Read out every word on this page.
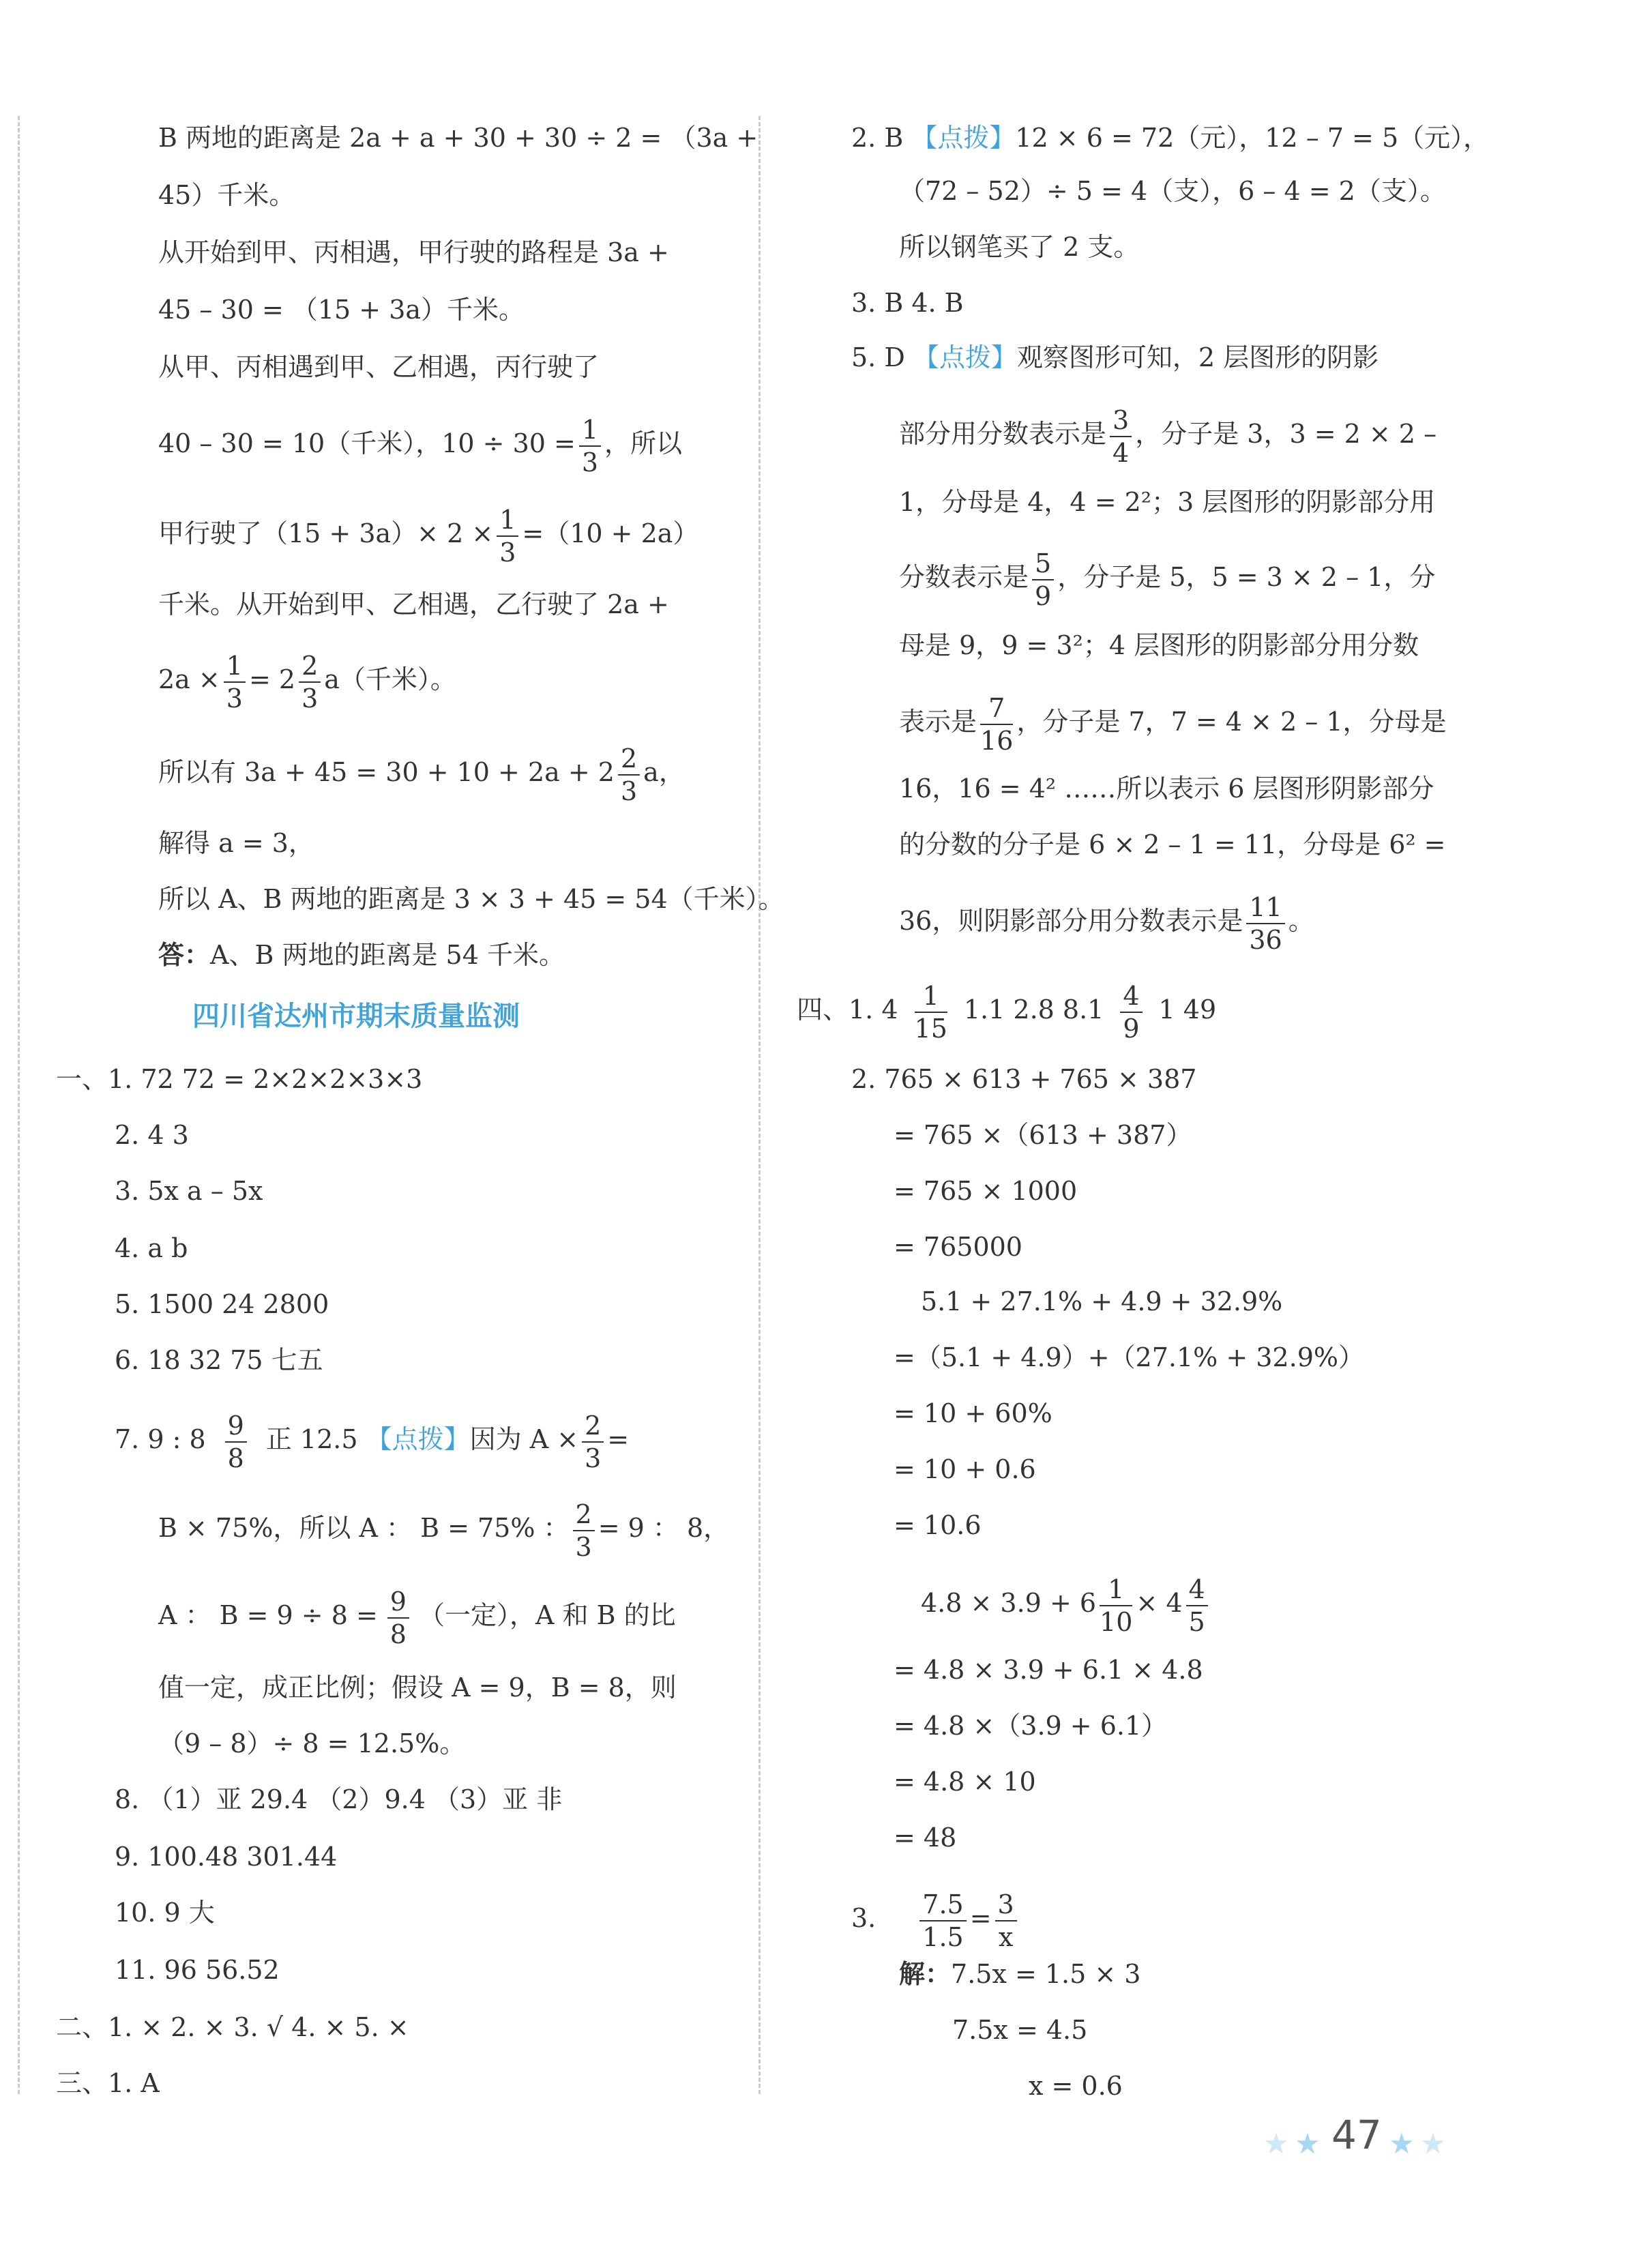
B 两地的距离是 2a + a + 30 + 30 ÷ 2 = （3a +
45）千米。
从开始到甲、丙相遇，甲行驶的路程是 3a +
45 – 30 = （15 + 3a）千米。
从甲、丙相遇到甲、乙相遇，丙行驶了
40 – 30 = 10（千米），$10 \div 30 = \frac{1}{3}$ ，所以
甲行驶了$(15 + 3a)\times 2 \times \frac{1}{3} =(10 + 2a)$
千米。从开始到甲、乙相遇，乙行驶了 2a +
$2a \times \frac{1}{3} = 2 \frac{2}{3} a$（千米）。
所以有 $3a + 45 = 30 + 10 + 2a + 2 \frac{2}{3}$ a，
解得 a = 3，
所以 A、B 两地的距离是 3 × 3 + 45 = 54（千米）。
答：A、B 两地的距离是 54 千米。
四川省达州市期末质量监测
一、1. 72 72 = 2×2×2×3×3
2. 4 3
3. 5x a – 5x
4. a b
5. 1500 24 2800
6. 18 32 75 七五
7. 9 : $8 \frac{9}{8}$ 正 12.5 【点拨】因为 $A \times \frac{2}{3}$ =
B × 75%，所以 A ： B = 75% ： $\frac{2}{3} = 9$ ： 8，
A ： $B = 9 \div 8 = \frac{9}{8}$ （一定），A 和 B 的比
值一定，成正比例；假设 A = 9，B = 8，则
（9 – 8）÷ 8 = 12.5%。
8. （1）亚 29.4 （2）9.4 （3）亚 非
9. 100.48 301.44
10. 9 大
11. 96 56.52
二、1. × 2. × 3. √ 4. × 5. ×
三、1. A
2. B 【点拨】12 × 6 = 72（元），12 – 7 = 5（元），
（72 – 52）÷ 5 = 4（支），6 – 4 = 2（支）。
所以钢笔买了 2 支。
3. B 4. B
5. D 【点拨】观察图形可知，2 层图形的阴影
部分用分数表示是 $\frac{3}{4}$ ，分子是 3，3 = 2 × 2 –
1，分母是 4，4 = 2²；3 层图形的阴影部分用
分数表示是 $\frac{5}{9}$ ，分子是 5，5 = 3 × 2 – 1，分
母是 9，9 = 3²；4 层图形的阴影部分用分数
表示是 $\frac{7}{16}$ ，分子是 7，7 = 4 × 2 – 1，分母是
16，16 = 4² ……所以表示 6 层图形阴影部分
的分数的分子是 6 × 2 – 1 = 11，分母是 6² =
36，则阴影部分用分数表示是 $\frac{11}{36}$ 。
四、1. $4 \frac{1}{15} 1.1$ 2.8 $8.1 \frac{4}{9} 1$ 49
2. 765 × 613 + 765 × 387
= 765 ×（613 + 387）
= 765 × 1000
= 765000
5.1 + 27.1% + 4.9 + 32.9%
=（5.1 + 4.9）+（27.1% + 32.9%）
= 10 + 60%
= 10 + 0.6
= 10.6
$4.8 \times 3.9 + 6 \frac{1}{10} \times 4 \frac{4}{5}$
= 4.8 × 3.9 + 6.1 × 4.8
= 4.8 ×（3.9 + 6.1）
= 4.8 × 10
= 48
3. $\frac{7.5}{1.5} = \frac{3}{x}$
解：7.5x = 1.5 × 3
7.5x = 4.5
x = 0.6
★ ★ 47 ★ ★
